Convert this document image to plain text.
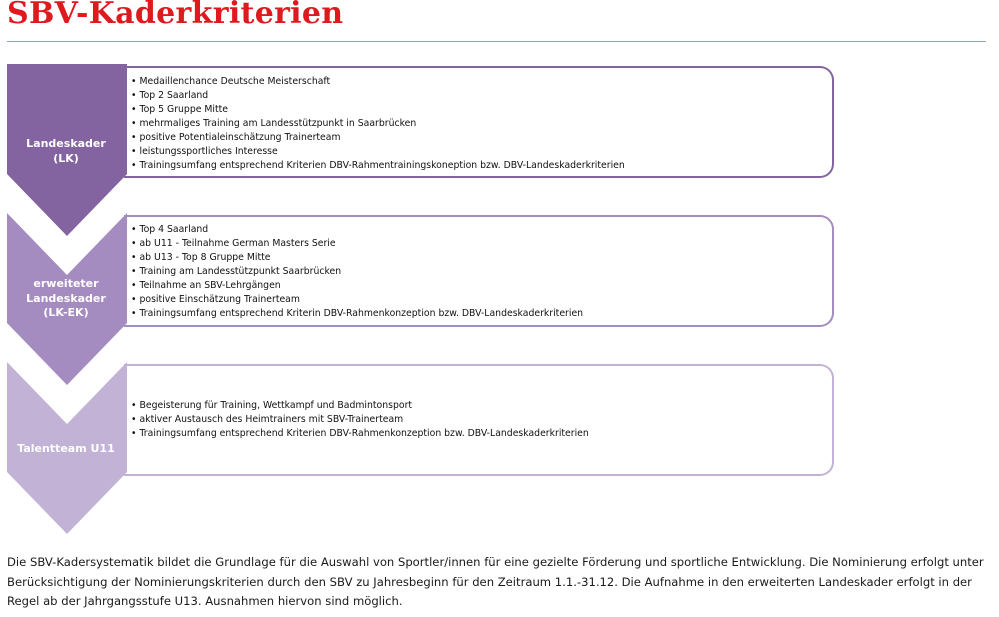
SBV-Kaderkriterien
• Medaillenchance Deutsche Meisterschaft
• Top 2 Saarland
• Top 5 Gruppe Mitte
• mehrmaliges Training am Landesstützpunkt in Saarbrücken
• positive Potentialeinschätzung Trainerteam
• leistungssportliches Interesse
• Trainingsumfang entsprechend Kriterien DBV-Rahmentrainingskoneption bzw. DBV-Landeskaderkriterien
Landeskader
(LK)
• Top 4 Saarland
• ab U11 - Teilnahme German Masters Serie
• ab U13 - Top 8 Gruppe Mitte
• Training am Landesstützpunkt Saarbrücken
• Teilnahme an SBV-Lehrgängen
• positive Einschätzung Trainerteam
• Trainingsumfang entsprechend Kriterin DBV-Rahmenkonzeption bzw. DBV-Landeskaderkriterien
erweiteter
Landeskader
(LK-EK)
• Begeisterung für Training, Wettkampf und Badmintonsport
• aktiver Austausch des Heimtrainers mit SBV-Trainerteam
• Trainingsumfang entsprechend Kriterien DBV-Rahmenkonzeption bzw. DBV-Landeskaderkriterien
Talentteam U11

Die SBV-Kadersystematik bildet die Grundlage für die Auswahl von Sportler/innen für eine gezielte Förderung und sportliche Entwicklung. Die Nominierung erfolgt unter Berücksichtigung der Nominierungskriterien durch den SBV zu Jahresbeginn für den Zeitraum 1.1.-31.12. Die Aufnahme in den erweiterten Landeskader erfolgt in der Regel ab der Jahrgangsstufe U13. Ausnahmen hiervon sind möglich.
